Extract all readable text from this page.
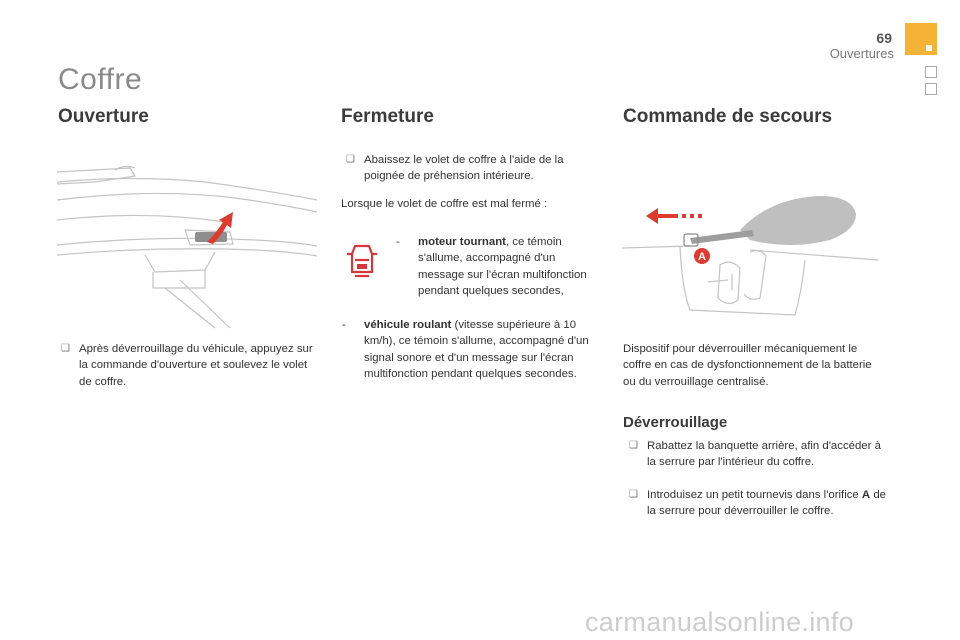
69
Ouvertures
Coffre
Ouverture	Fermeture	Commande de secours
❑ Après déverrouillage du véhicule, appuyez sur la commande d'ouverture et soulevez le volet de coffre.
❑ Abaissez le volet de coffre à l'aide de la poignée de préhension intérieure.
Lorsque le volet de coffre est mal fermé :
- moteur tournant, ce témoin s'allume, accompagné d'un message sur l'écran multifonction pendant quelques secondes,
- véhicule roulant (vitesse supérieure à 10 km/h), ce témoin s'allume, accompagné d'un signal sonore et d'un message sur l'écran multifonction pendant quelques secondes.
A
Dispositif pour déverrouiller mécaniquement le coffre en cas de dysfonctionnement de la batterie ou du verrouillage centralisé.
Déverrouillage
❑ Rabattez la banquette arrière, afin d'accéder à la serrure par l'intérieur du coffre.
❑ Introduisez un petit tournevis dans l'orifice A de la serrure pour déverrouiller le coffre.
carmanualsonline.info
